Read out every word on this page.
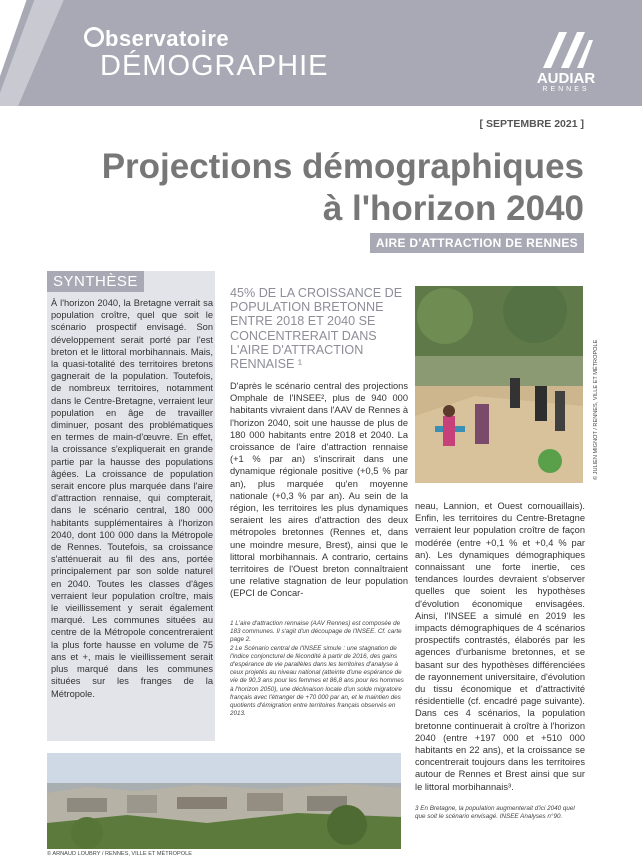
bservatoire
DÉMOGRAPHIE	AUDIAR
RENNES
[ SEPTEMBRE 2021 ]
Projections démographiques
à l'horizon 2040
AIRE D'ATTRACTION DE RENNES
SYNTHÈSE

À l'horizon 2040, la Bretagne verrait sa population croître, quel que soit le scénario prospectif envisagé. Son développement serait porté par l'est breton et le littoral morbihannais. Mais, la quasi-totalité des territoires bretons gagnerait de la population. Toutefois, de nombreux territoires, notamment dans le Centre-Bretagne, verraient leur population en âge de travailler diminuer, posant des problématiques en termes de main-d'œuvre. En effet, la croissance s'expliquerait en grande partie par la hausse des populations âgées. La croissance de population serait encore plus marquée dans l'aire d'attraction rennaise, qui compterait, dans le scénario central, 180 000 habitants supplémentaires à l'horizon 2040, dont 100 000 dans la Métropole de Rennes. Toutefois, sa croissance s'atténuerait au fil des ans, portée principalement par son solde naturel en 2040. Toutes les classes d'âges verraient leur population croître, mais le vieillissement y serait également marqué. Les communes situées au centre de la Métropole concentreraient la plus forte hausse en volume de 75 ans et +, mais le vieillissement serait plus marqué dans les communes situées sur les franges de la Métropole.

45% DE LA CROISSANCE DE POPULATION BRETONNE ENTRE 2018 ET 2040 SE CONCENTRERAIT DANS L'AIRE D'ATTRACTION RENNAISE ¹

D'après le scénario central des projections Omphale de l'INSEE², plus de 940 000 habitants vivraient dans l'AAV de Rennes à l'horizon 2040, soit une hausse de plus de 180 000 habitants entre 2018 et 2040. La croissance de l'aire d'attraction rennaise (+1 % par an) s'inscrirait dans une dynamique régionale positive (+0,5 % par an), plus marquée qu'en moyenne nationale (+0,3 % par an). Au sein de la région, les territoires les plus dynamiques seraient les aires d'attraction des deux métropoles bretonnes (Rennes et, dans une moindre mesure, Brest), ainsi que le littoral morbihannais. A contrario, certains territoires de l'Ouest breton connaîtraient une relative stagnation de leur population (EPCI de Concar-

1 L'aire d'attraction rennaise (AAV Rennes) est composée de 183 communes. Il s'agit d'un découpage de l'INSEE. Cf. carte page 2.
2 Le Scénario central de l'INSEE simule : une stagnation de l'indice conjoncturel de fécondité à partir de 2016, des gains d'espérance de vie parallèles dans les territoires d'analyse à ceux projetés au niveau national (atteinte d'une espérance de vie de 90,3 ans pour les femmes et 86,8 ans pour les hommes à l'horizon 2050), une déclinaison locale d'un solde migratoire français avec l'étranger de +70 000 par an, et le maintien des quotients d'émigration entre territoires français observés en 2013.

© JULIEN MIGNOT / RENNES, VILLE ET MÉTROPOLE

neau, Lannion, et Ouest cornouaillais). Enfin, les territoires du Centre-Bretagne verraient leur population croître de façon modérée (entre +0,1 % et +0,4 % par an). Les dynamiques démographiques connaissant une forte inertie, ces tendances lourdes devraient s'observer quelles que soient les hypothèses d'évolution économique envisagées. Ainsi, l'INSEE a simulé en 2019 les impacts démographiques de 4 scénarios prospectifs contrastés, élaborés par les agences d'urbanisme bretonnes, et se basant sur des hypothèses différenciées de rayonnement universitaire, d'évolution du tissu économique et d'attractivité résidentielle (cf. encadré page suivante). Dans ces 4 scénarios, la population bretonne continuerait à croître à l'horizon 2040 (entre +197 000 et +510 000 habitants en 22 ans), et la croissance se concentrerait toujours dans les territoires autour de Rennes et Brest ainsi que sur le littoral morbihannais³.

3 En Bretagne, la population augmenterait d'ici 2040 quel que soit le scénario envisagé. INSEE Analyses n°90.

© ARNAUD LOUBRY / RENNES, VILLE ET MÉTROPOLE
